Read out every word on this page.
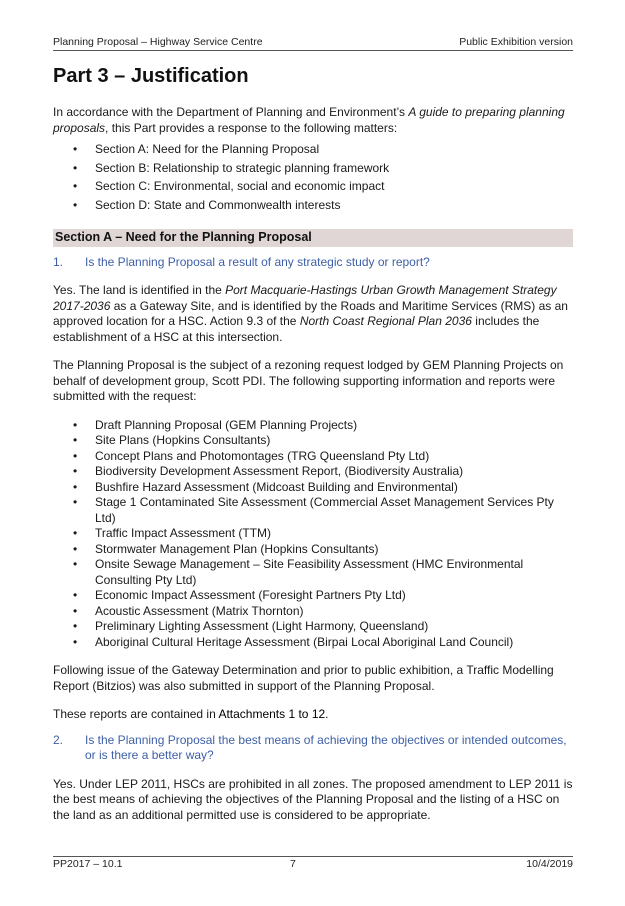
Planning Proposal – Highway Service Centre	Public Exhibition version
Part 3 – Justification

In accordance with the Department of Planning and Environment’s A guide to preparing planning proposals, this Part provides a response to the following matters:

• Section A: Need for the Planning Proposal
• Section B: Relationship to strategic planning framework
• Section C: Environmental, social and economic impact
• Section D: State and Commonwealth interests
Section A – Need for the Planning Proposal
1. Is the Planning Proposal a result of any strategic study or report?

Yes. The land is identified in the Port Macquarie-Hastings Urban Growth Management Strategy 2017-2036 as a Gateway Site, and is identified by the Roads and Maritime Services (RMS) as an approved location for a HSC. Action 9.3 of the North Coast Regional Plan 2036 includes the establishment of a HSC at this intersection.

The Planning Proposal is the subject of a rezoning request lodged by GEM Planning Projects on behalf of development group, Scott PDI. The following supporting information and reports were submitted with the request:

• Draft Planning Proposal (GEM Planning Projects)
• Site Plans (Hopkins Consultants)
• Concept Plans and Photomontages (TRG Queensland Pty Ltd)
• Biodiversity Development Assessment Report, (Biodiversity Australia)
• Bushfire Hazard Assessment (Midcoast Building and Environmental)
• Stage 1 Contaminated Site Assessment (Commercial Asset Management Services Pty Ltd)
• Traffic Impact Assessment (TTM)
• Stormwater Management Plan (Hopkins Consultants)
• Onsite Sewage Management – Site Feasibility Assessment (HMC Environmental Consulting Pty Ltd)
• Economic Impact Assessment (Foresight Partners Pty Ltd)
• Acoustic Assessment (Matrix Thornton)
• Preliminary Lighting Assessment (Light Harmony, Queensland)
• Aboriginal Cultural Heritage Assessment (Birpai Local Aboriginal Land Council)

Following issue of the Gateway Determination and prior to public exhibition, a Traffic Modelling Report (Bitzios) was also submitted in support of the Planning Proposal.

These reports are contained in Attachments 1 to 12.

2. Is the Planning Proposal the best means of achieving the objectives or intended outcomes, or is there a better way?

Yes. Under LEP 2011, HSCs are prohibited in all zones. The proposed amendment to LEP 2011 is the best means of achieving the objectives of the Planning Proposal and the listing of a HSC on the land as an additional permitted use is considered to be appropriate.

PP2017 – 10.1	7	10/4/2019
